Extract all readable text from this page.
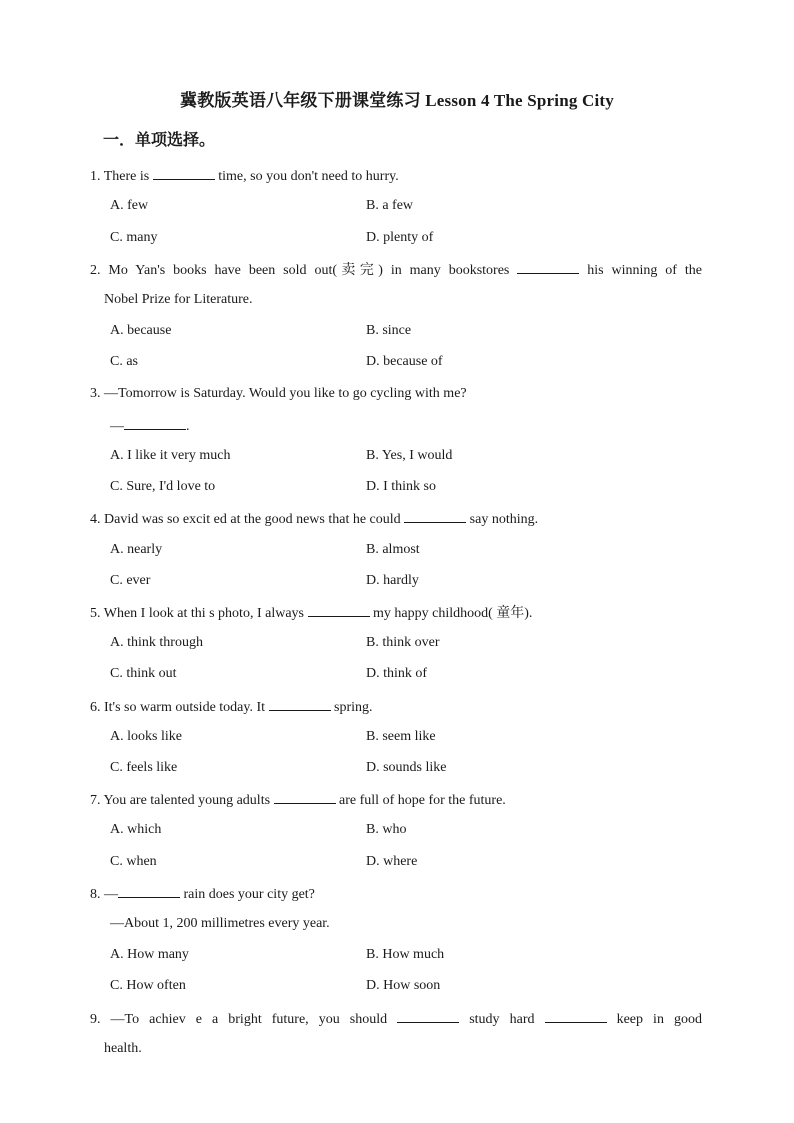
冀教版英语八年级下册课堂练习 Lesson 4 The Spring City
一．单项选择。
1. There is	time, so you don't need to hurry.
A. few	B. a few
C. many	D. plenty of
2. Mo Yan's books have been sold out(卖完) in many bookstores	his winning of the
Nobel Prize for Literature.
A. because	B. since
C. as	D. because of
3. —Tomorrow is Saturday. Would you like to go cycling with me?
—	.
A. I like it very much	B. Yes, I would
C. Sure, I'd love to	D. I think so
4. David was so excit ed at the good news that he could	say nothing.
A. nearly	B. almost
C. ever	D. hardly
5. When I look at thi s photo, I always	my happy childhood( 童年).
A. think through	B. think over
C. think out	D. think of
6. It's so warm outside today. It	spring.
A. looks like	B. seem like
C. feels like	D. sounds like
7. You are talented young adults	are full of hope for the future.
A. which	B. who
C. when	D. where
8. —	rain does your city get?
—About 1, 200 millimetres every year.
A. How many	B. How much
C. How often	D. How soon
9. —To achiev e a bright future, you should	study hard	keep in good
health.
